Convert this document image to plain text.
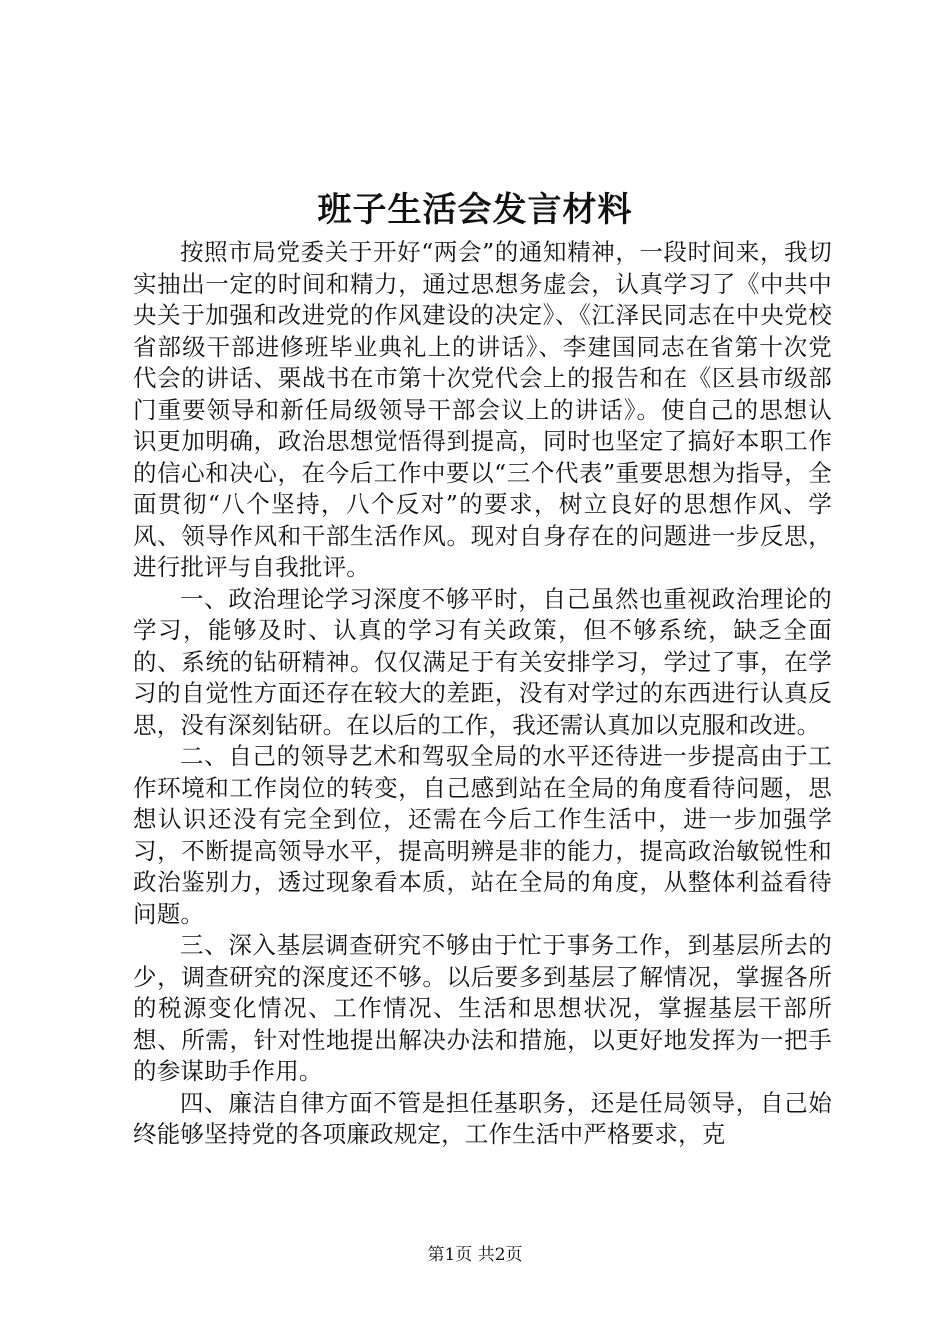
班子生活会发言材料

按照市局党委关于开好“两会”的通知精神，一段时间来，我切实抽出一定的时间和精力，通过思想务虚会，认真学习了《中共中央关于加强和改进党的作风建设的决定》、《江泽民同志在中央党校省部级干部进修班毕业典礼上的讲话》、李建国同志在省第十次党代会的讲话、栗战书在市第十次党代会上的报告和在《区县市级部门重要领导和新任局级领导干部会议上的讲话》。使自己的思想认识更加明确，政治思想觉悟得到提高，同时也坚定了搞好本职工作的信心和决心，在今后工作中要以“三个代表”重要思想为指导，全面贯彻“八个坚持，八个反对”的要求，树立良好的思想作风、学风、领导作风和干部生活作风。现对自身存在的问题进一步反思，进行批评与自我批评。

一、政治理论学习深度不够平时，自己虽然也重视政治理论的学习，能够及时、认真的学习有关政策，但不够系统，缺乏全面的、系统的钻研精神。仅仅满足于有关安排学习，学过了事，在学习的自觉性方面还存在较大的差距，没有对学过的东西进行认真反思，没有深刻钻研。在以后的工作，我还需认真加以克服和改进。

二、自己的领导艺术和驾驭全局的水平还待进一步提高由于工作环境和工作岗位的转变，自己感到站在全局的角度看待问题，思想认识还没有完全到位，还需在今后工作生活中，进一步加强学习，不断提高领导水平，提高明辨是非的能力，提高政治敏锐性和政治鉴别力，透过现象看本质，站在全局的角度，从整体利益看待问题。

三、深入基层调查研究不够由于忙于事务工作，到基层所去的少，调查研究的深度还不够。以后要多到基层了解情况，掌握各所的税源变化情况、工作情况、生活和思想状况，掌握基层干部所想、所需，针对性地提出解决办法和措施，以更好地发挥为一把手的参谋助手作用。

四、廉洁自律方面不管是担任基职务，还是任局领导，自己始终能够坚持党的各项廉政规定，工作生活中严格要求，克

第1页 共2页
